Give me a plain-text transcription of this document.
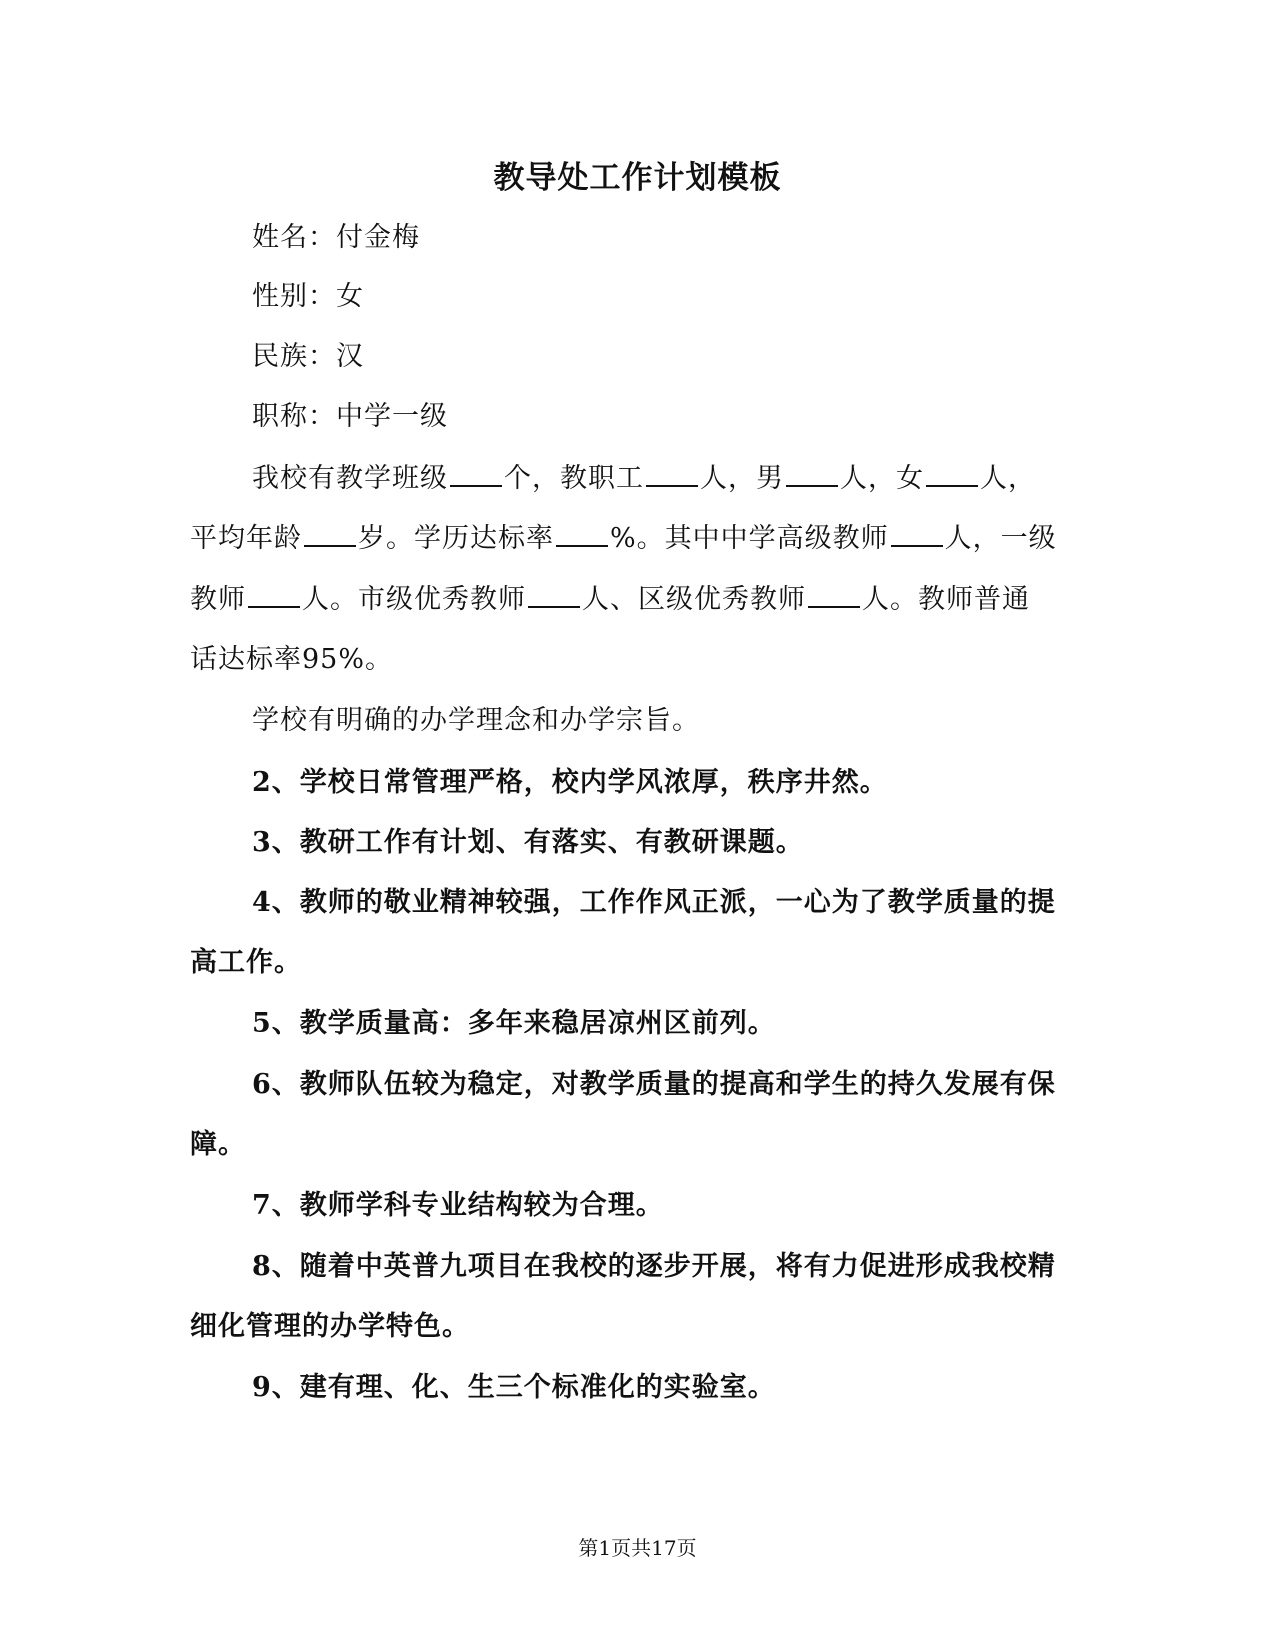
教导处工作计划模板
姓名：付金梅
性别：女
民族：汉
职称：中学一级
我校有教学班级 个，教职工 人，男 人，女 人，
平均年龄 岁。学历达标率 %。其中中学高级教师 人，一级
教师 人。市级优秀教师 人、区级优秀教师 人。教师普通
话达标率95%。
学校有明确的办学理念和办学宗旨。
2、学校日常管理严格，校内学风浓厚，秩序井然。
3、教研工作有计划、有落实、有教研课题。
4、教师的敬业精神较强，工作作风正派，一心为了教学质量的提
高工作。
5、教学质量高：多年来稳居凉州区前列。
6、教师队伍较为稳定，对教学质量的提高和学生的持久发展有保
障。
7、教师学科专业结构较为合理。
8、随着中英普九项目在我校的逐步开展，将有力促进形成我校精
细化管理的办学特色。
9、建有理、化、生三个标准化的实验室。
第1页共17页
